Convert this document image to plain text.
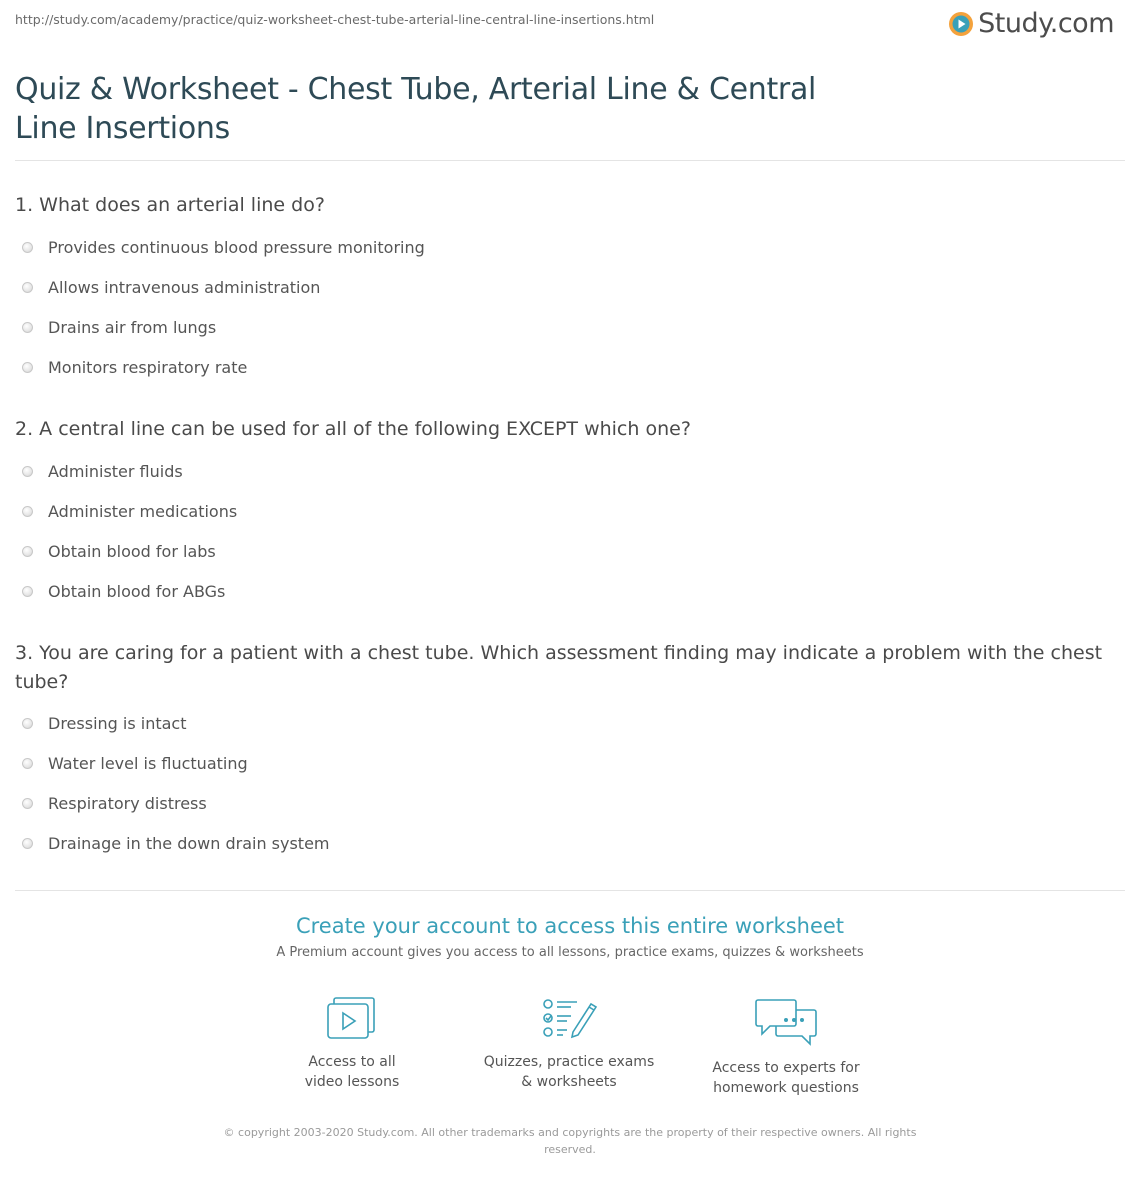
http://study.com/academy/practice/quiz-worksheet-chest-tube-arterial-line-central-line-insertions.html	Study.com
Quiz & Worksheet - Chest Tube, Arterial Line & Central Line Insertions
1. What does an arterial line do?
Provides continuous blood pressure monitoring
Allows intravenous administration
Drains air from lungs
Monitors respiratory rate
2. A central line can be used for all of the following EXCEPT which one?
Administer fluids
Administer medications
Obtain blood for labs
Obtain blood for ABGs
3. You are caring for a patient with a chest tube. Which assessment finding may indicate a problem with the chest tube?
Dressing is intact
Water level is fluctuating
Respiratory distress
Drainage in the down drain system
Create your account to access this entire worksheet
A Premium account gives you access to all lessons, practice exams, quizzes & worksheets
Access to all
video lessons
Quizzes, practice exams
& worksheets
Access to experts for
homework questions
© copyright 2003-2020 Study.com. All other trademarks and copyrights are the property of their respective owners. All rights
reserved.
